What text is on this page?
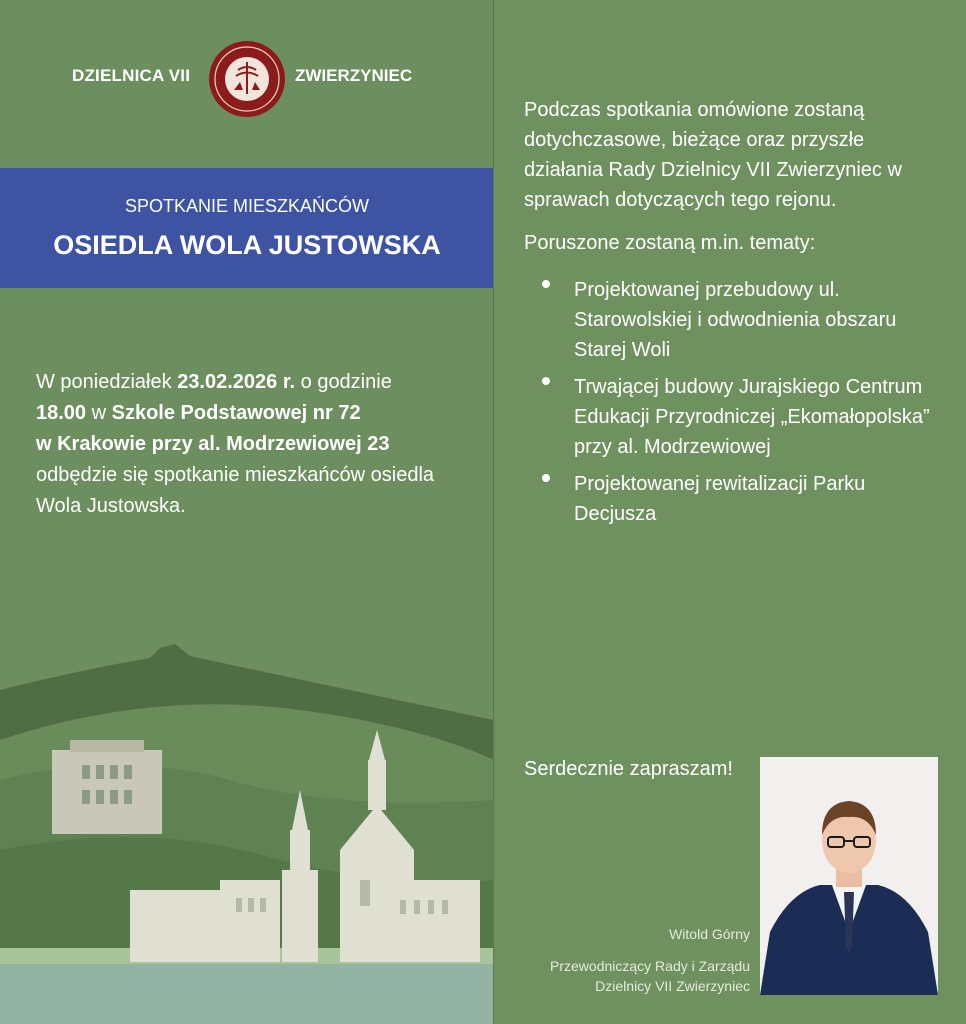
DZIELNICA VII	ZWIERZYNIEC
SPOTKANIE MIESZKAŃCÓW
OSIEDLA WOLA JUSTOWSKA
W poniedziałek 23.02.2026 r. o godzinie
18.00 w Szkole Podstawowej nr 72
w Krakowie przy al. Modrzewiowej 23
odbędzie się spotkanie mieszkańców osiedla Wola Justowska.
Podczas spotkania omówione zostaną dotychczasowe, bieżące oraz przyszłe działania Rady Dzielnicy VII Zwierzyniec w sprawach dotyczących tego rejonu.
Poruszone zostaną m.in. tematy:
Projektowanej przebudowy ul. Starowolskiej i odwodnienia obszaru Starej Woli
Trwającej budowy Jurajskiego Centrum Edukacji Przyrodniczej „Ekomałopolska” przy al. Modrzewiowej
Projektowanej rewitalizacji Parku Decjusza
Serdecznie zapraszam!
Witold Górny
Przewodniczący Rady i Zarządu
Dzielnicy VII Zwierzyniec
